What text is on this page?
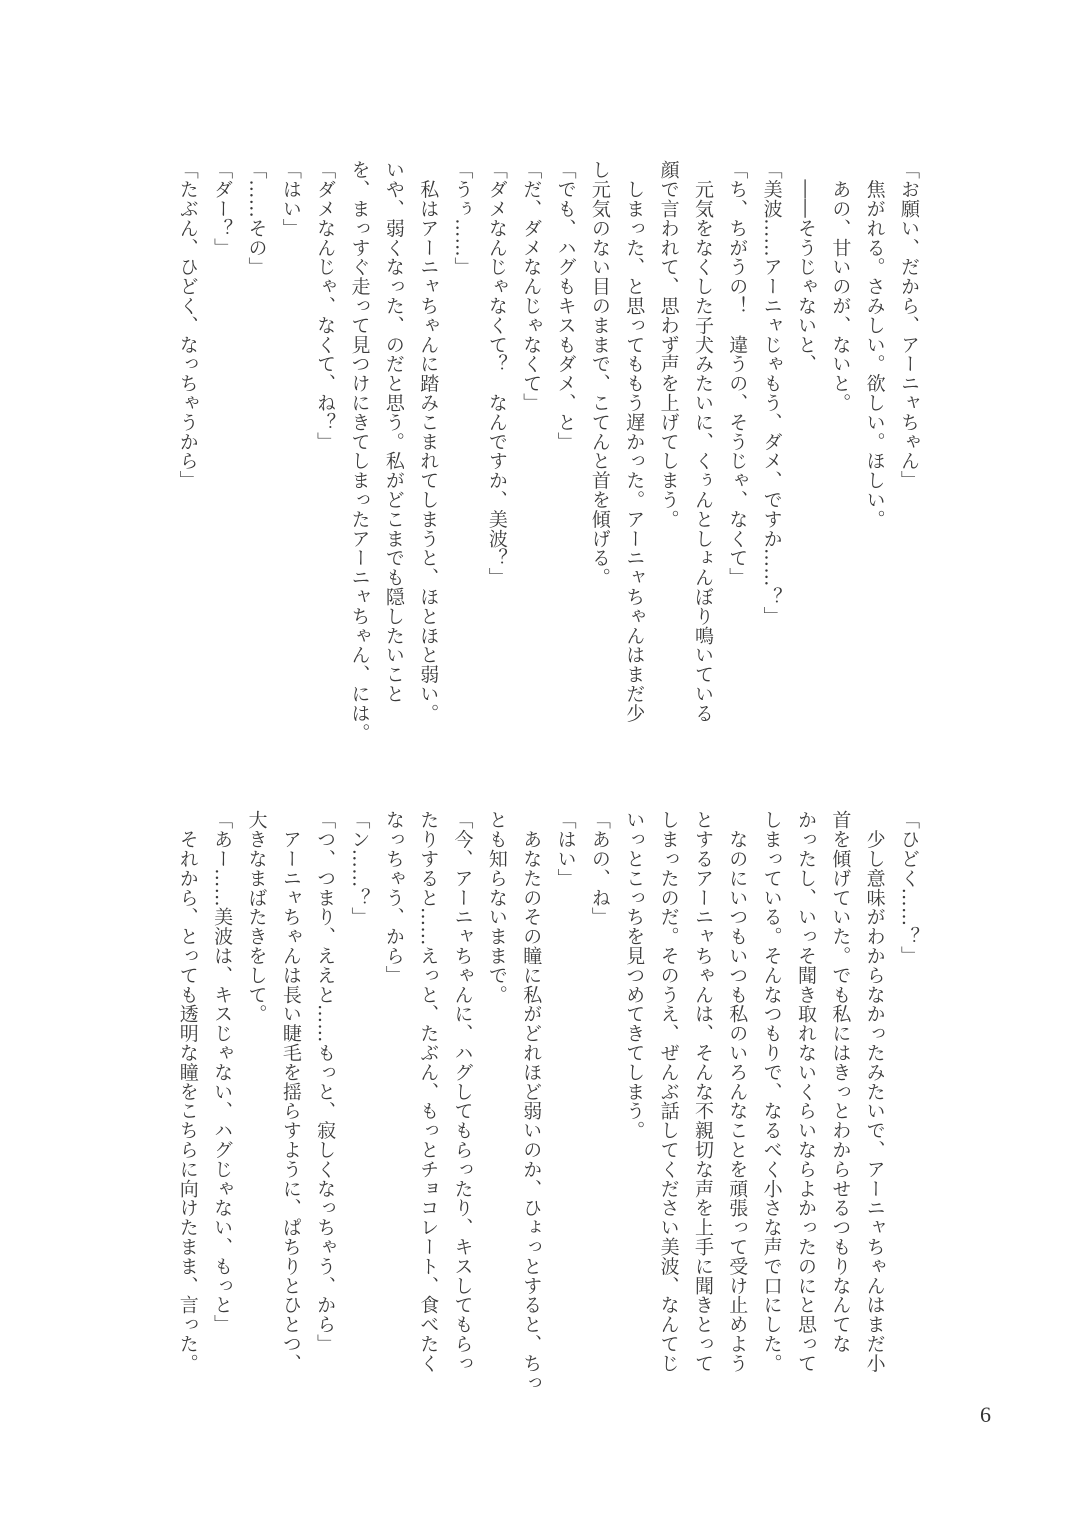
「お願い、だから、アーニャちゃん」
　焦がれる。さみしい。欲しい。ほしい。
　あの、甘いのが、ないと。
　――そうじゃないと、
「美波……アーニャじゃもう、ダメ、ですか……？」
「ち、ちがうの！　違うの、そうじゃ、なくて」
　元気をなくした子犬みたいに、くぅんとしょんぼり鳴いている
顔で言われて、思わず声を上げてしまう。
　しまった、と思ってももう遅かった。アーニャちゃんはまだ少
し元気のない目のままで、こてんと首を傾げる。
「でも、ハグもキスもダメ、と」
「だ、ダメなんじゃなくて」
「ダメなんじゃなくて？　なんですか、美波？」
「うぅ……」
　私はアーニャちゃんに踏みこまれてしまうと、ほとほと弱い。
いや、弱くなった、のだと思う。私がどこまでも隠したいこと
を、まっすぐ走って見つけにきてしまったアーニャちゃん、には。
「ダメなんじゃ、なくて、ね？」
「はい」
「……その」
「ダー？」
「たぶん、ひどく、なっちゃうから」
「ひどく……？」
　少し意味がわからなかったみたいで、アーニャちゃんはまだ小
首を傾げていた。でも私にはきっとわからせるつもりなんてな
かったし、いっそ聞き取れないくらいならよかったのにと思って
しまっている。そんなつもりで、なるべく小さな声で口にした。
　なのにいつもいつも私のいろんなことを頑張って受け止めよう
とするアーニャちゃんは、そんな不親切な声を上手に聞きとって
しまったのだ。そのうえ、ぜんぶ話してください美波、なんてじ
いっとこっちを見つめてきてしまう。
「あの、ね」
「はい」
　あなたのその瞳に私がどれほど弱いのか、ひょっとすると、ちっ
とも知らないままで。
「今、アーニャちゃんに、ハグしてもらったり、キスしてもらっ
たりすると……えっと、たぶん、もっとチョコレート、食べたく
なっちゃう、から」
「ン……？」
「つ、つまり、ええと……もっと、寂しくなっちゃう、から」
　アーニャちゃんは長い睫毛を揺らすように、ぱちりとひとつ、
大きなまばたきをして。
「あー……美波は、キスじゃない、ハグじゃない、もっと」
　それから、とっても透明な瞳をこちらに向けたまま、言った。
6
